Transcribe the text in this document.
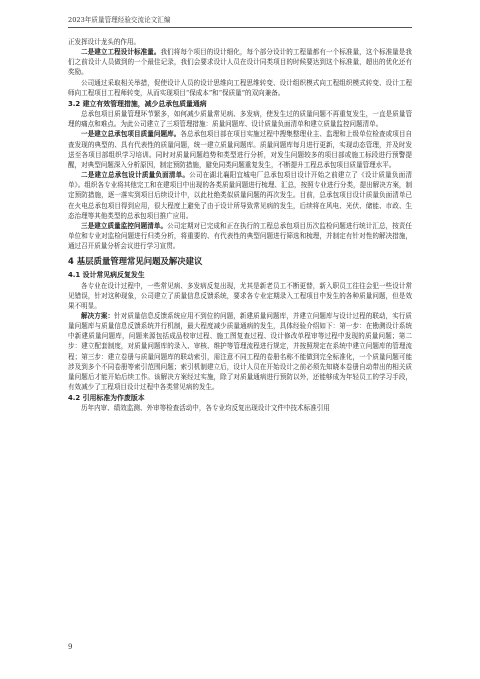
2023年质量管理经验交流论文汇编

正发挥设计龙头的作用。

二是建立工程设计标准量。我们将每个项目的设计细化，每个部分设计的工程量都有一个标准量，这个标准量是我们之前设计人员做到的一个最佳记录，我们会要求设计人员在设计同类项目的时候要达到这个标准量，超出的优化还有奖励。

公司通过采取相关举措，促使设计人员的设计思维向工程思维转变、设计组织模式向工程组织模式转变、设计工程师向工程项目工程师转变，从而实现项目“保成本”和“保质量”的双向兼备。

3.2 建立有效管理措施，减少总承包质量通病

总承包项目质量管理环节繁多，如何减少质量常见病、多发病，使发生过的质量问题不再重复发生，一直是质量管理的痛点和难点。为此公司建立了三项管理措施：质量问题库、设计质量负面清单和建立质量监控问题清单。

一是建立总承包项目质量问题库。各总承包项目部在项目实施过程中搜集整理业主、监理和上级单位检查或项目自查发现的典型的、具有代表性的质量问题，统一建立质量问题库。质量问题库每月进行更新，实现动态管理，并及时发送至各项目部组织学习培训。同时对质量问题趋势和类型进行分析，对发生问题较多的项目部或施工标段进行预警提醒，对典型问题深入分析原因，制定预防措施，避免同类问题重复发生，不断提升工程总承包项目质量管理水平。

二是建立总承包设计质量负面清单。公司在湖北襄阳宜城电厂总承包项目设计开始之前建立了《设计质量负面清单》。组织各专业将其他完工和在建项目中出现的各类质量问题进行梳理、汇总，按照专业进行分类，提出解决方案，制定预防措施，逐一落实到项目后续设计中，以此杜绝类似质量问题的再次发生。目前，总承包项目设计质量负面清单已在火电总承包项目得到应用，很大程度上避免了由于设计所导致常见病的发生，后续将在风电、光伏、储能、市政、生态治理等其他类型的总承包项目推广应用。

三是建立质量监控问题清单。公司定期对已完成和正在执行的工程总承包项目历次监检问题进行统计汇总，按责任单位和专业对监检问题进行归类分析，将重要的、有代表性的典型问题进行筛选和梳理，并制定有针对性的解决措施，通过召开质量分析会议进行学习宣贯。

4 基层质量管理常见问题及解决建议
4.1 设计常见病反复发生

各专业在设计过程中，一些常见病、多发病反复出现，尤其是新老员工不断更替，新入职员工往往会犯一些设计常见错误，针对这种现象，公司建立了质量信息反馈系统，要求各专业定期录入工程项目中发生的各种质量问题，但是效果不明显。

解决方案：针对质量信息反馈系统应用不到位的问题，新建质量问题库，并建立问题库与设计过程的联动，实行质量问题库与质量信息反馈系统并行机制，最大程度减少质量通病的发生，具体经验介绍如下：第一步：在勘测设计系统中新建质量问题库，问题来源包括成品校审过程、施工图复查过程、设计修改单程审等过程中发现的质量问题；第二步：建立配套制度，对质量问题库的录入、审核、维护等管理流程进行规定，并按照规定在系统中建立问题库的管理流程；第三步：建立卷册与质量问题库的联动索引，需注意不同工程的卷册名称不能做到完全标准化，一个质量问题可能涉及到多个不同卷册等索引范围问题；索引机制建立后，设计人员在开始设计之前必须先知晓本卷册自动带出的相关质量问题后才能开始后续工作。该解决方案经过实施，除了对质量通病进行预防以外，还能够成为年轻员工的学习手段，有效减少了工程项目设计过程中各类常见病的发生。

4.2 引用标准为作废版本

历年内审、绩效监测、外审等检查活动中，各专业均反复出现设计文件中技术标准引用

9
